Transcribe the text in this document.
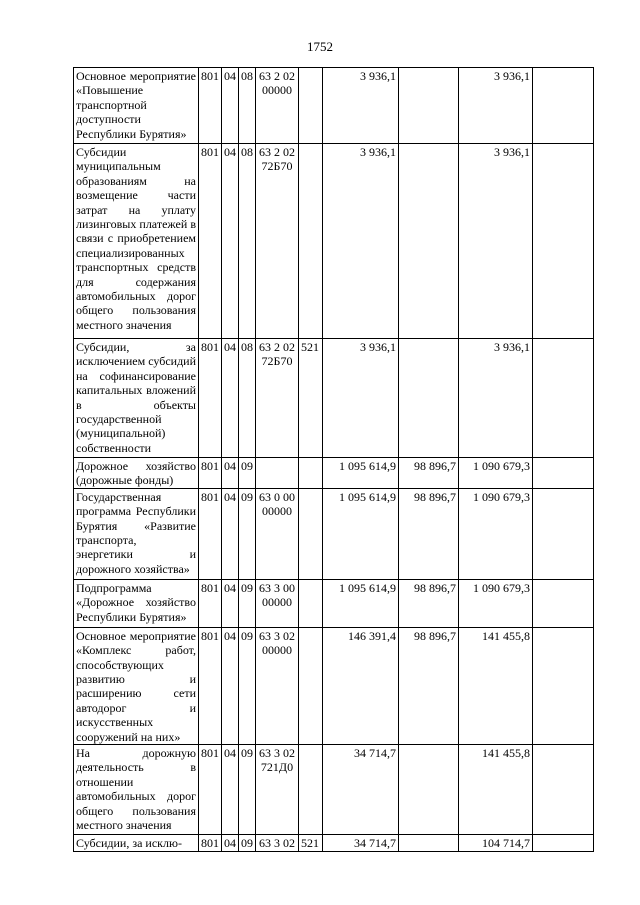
1752
Основное мероприятие «Повышение транспортной доступности Республики Бурятия»	801	04	08	63 2 02 00000		3 936,1		3 936,1	
Субсидии муниципальным образованиям на возмещение части затрат на уплату лизинговых платежей в связи с приобретением специализированных транспортных средств для содержания автомобильных дорог общего пользования местного значения	801	04	08	63 2 02 72Б70		3 936,1		3 936,1	
Субсидии, за исключением субсидий на софинансирование капитальных вложений в объекты государственной (муниципальной) собственности	801	04	08	63 2 02 72Б70	521	3 936,1		3 936,1	
Дорожное хозяйство (дорожные фонды)	801	04	09			1 095 614,9	98 896,7	1 090 679,3	
Государственная программа Республики Бурятия «Развитие транспорта, энергетики и дорожного хозяйства»	801	04	09	63 0 00 00000		1 095 614,9	98 896,7	1 090 679,3	
Подпрограмма «Дорожное хозяйство Республики Бурятия»	801	04	09	63 3 00 00000		1 095 614,9	98 896,7	1 090 679,3	
Основное мероприятие «Комплекс работ, способствующих развитию и расширению сети автодорог и искусственных сооружений на них»	801	04	09	63 3 02 00000		146 391,4	98 896,7	141 455,8	
На дорожную деятельность в отношении автомобильных дорог общего пользования местного значения	801	04	09	63 3 02 721Д0		34 714,7		141 455,8	
Субсидии, за исклю-	801	04	09	63 3 02	521	34 714,7		104 714,7	
